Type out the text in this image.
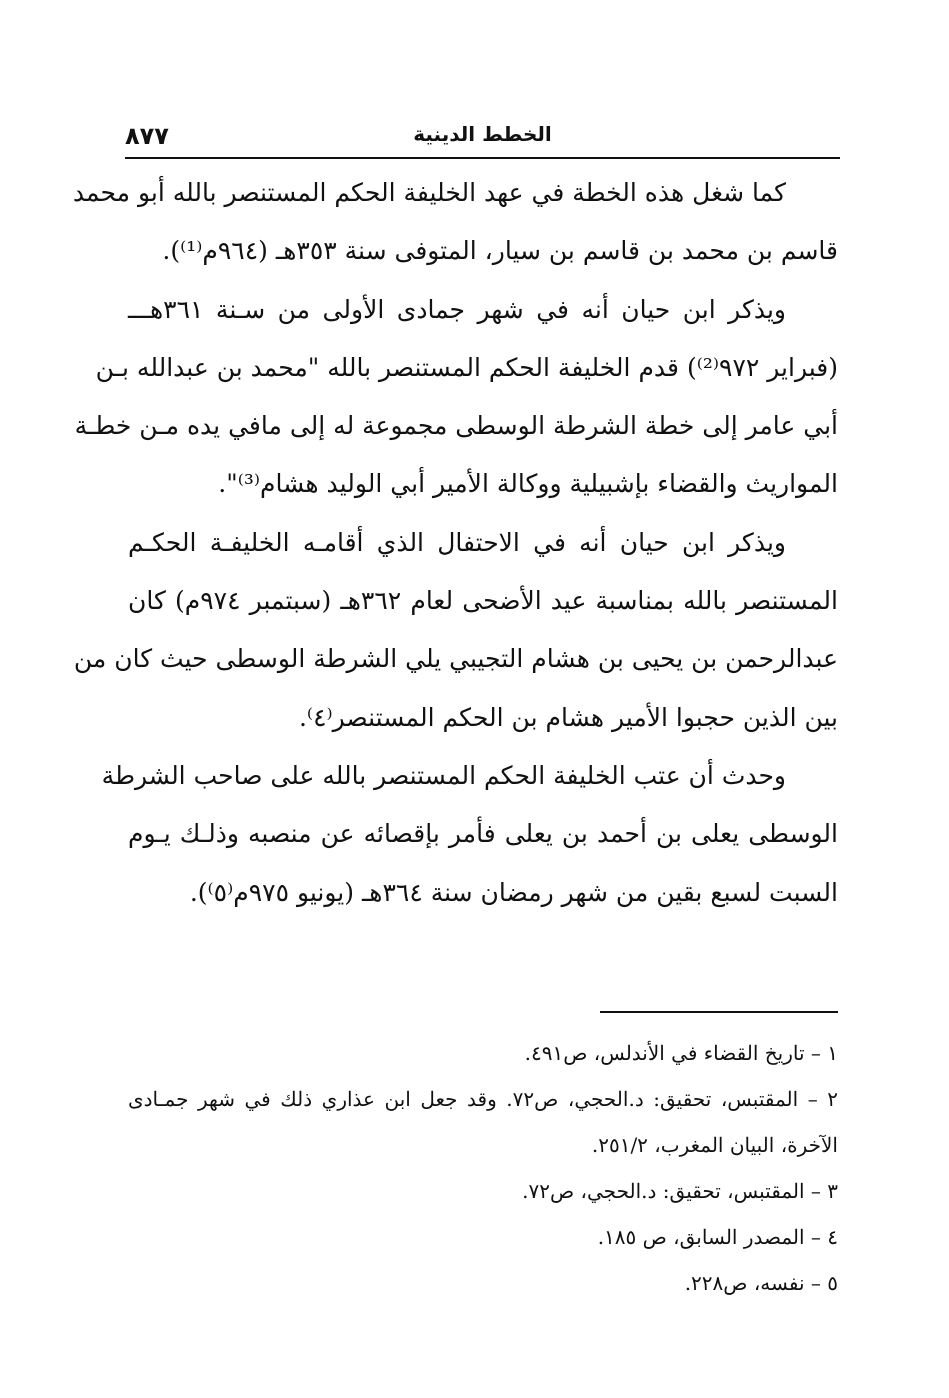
٨٧٧	الخطط الدينية
كما شغل هذه الخطة في عهد الخليفة الحكم المستنصر بالله أبو محمد
قاسم بن محمد بن قاسم بن سيار، المتوفى سنة ٣٥٣هـ (٩٦٤م⁽¹⁾).
ويذكر ابن حيان أنه في شهر جمادى الأولى من سـنة ٣٦١هـــ
(فبراير ٩٧٢⁽²⁾) قدم الخليفة الحكم المستنصر بالله "محمد بن عبدالله بـن
أبي عامر إلى خطة الشرطة الوسطى مجموعة له إلى مافي يده مـن خطـة
المواريث والقضاء بإشبيلية ووكالة الأمير أبي الوليد هشام⁽³⁾".
ويذكر ابن حيان أنه في الاحتفال الذي أقامـه الخليفـة الحكـم
المستنصر بالله بمناسبة عيد الأضحى لعام ٣٦٢هـ (سبتمبر ٩٧٤م) كان
عبدالرحمن بن يحيى بن هشام التجيبي يلي الشرطة الوسطى حيث كان من
بين الذين حجبوا الأمير هشام بن الحكم المستنصر⁽٤⁾.
وحدث أن عتب الخليفة الحكم المستنصر بالله على صاحب الشرطة
الوسطى يعلى بن أحمد بن يعلى فأمر بإقصائه عن منصبه وذلـك يـوم
السبت لسبع بقين من شهر رمضان سنة ٣٦٤هـ (يونيو ٩٧٥م⁽٥⁾).
١ – تاريخ القضاء في الأندلس، ص٤٩١.
٢ – المقتبس، تحقيق: د.الحجي، ص٧٢. وقد جعل ابن عذاري ذلك في شهر جمـادى
الآخرة، البيان المغرب، ٢٥١/٢.
٣ – المقتبس، تحقيق: د.الحجي، ص٧٢.
٤ – المصدر السابق، ص ١٨٥.
٥ – نفسه، ص٢٢٨.
